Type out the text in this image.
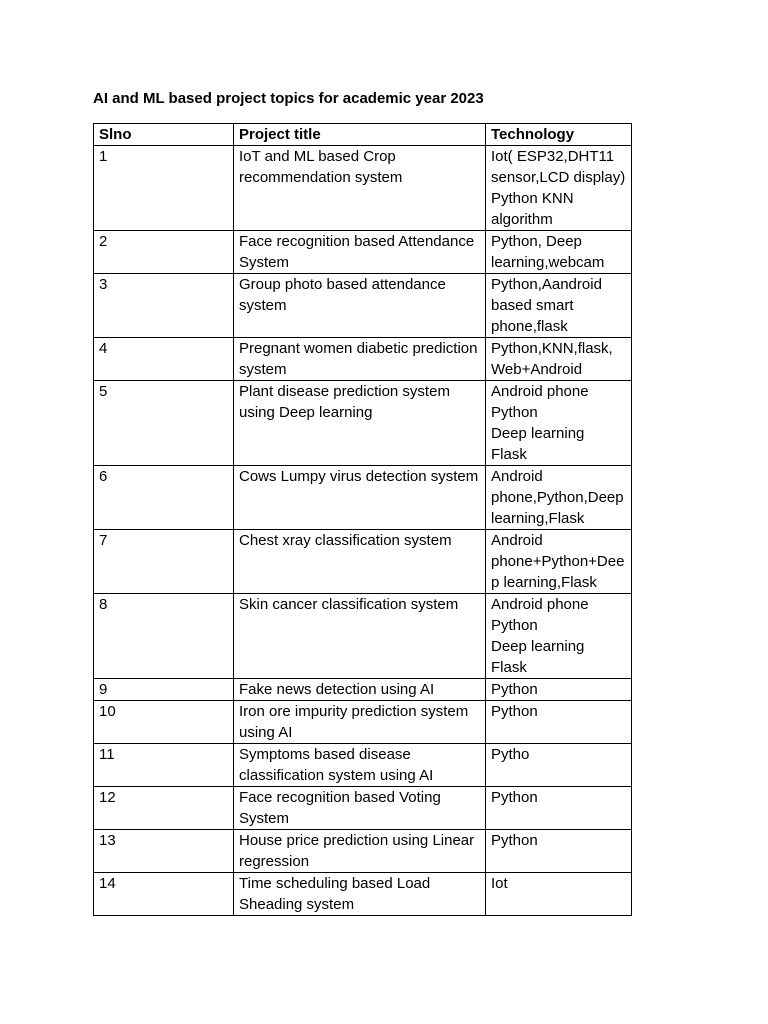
AI and ML based project topics for academic year 2023
Slno	Project title	Technology
1	IoT and ML based Crop recommendation system	Iot( ESP32,DHT11 sensor,LCD display)
Python KNN algorithm

2	Face recognition based Attendance System	Python, Deep learning,webcam

3	Group photo based attendance system	Python,Aandroid based smart phone,flask

4	Pregnant women diabetic prediction system	Python,KNN,flask, Web+Android

5	Plant disease prediction system using Deep learning	Android phone
Python
Deep learning
Flask

6	Cows Lumpy virus detection system	Android phone,Python,Deep learning,Flask

7	Chest xray classification system	Android phone+Python+Deep learning,Flask

8	Skin cancer classification system	Android phone
Python
Deep learning
Flask

9	Fake news detection using AI	Python

10	Iron ore impurity prediction system using AI	Python

11	Symptoms based disease classification system using AI	Pytho

12	Face recognition based Voting System	Python

13	House price prediction using Linear regression	Python

14	Time scheduling based Load Sheading system	Iot
